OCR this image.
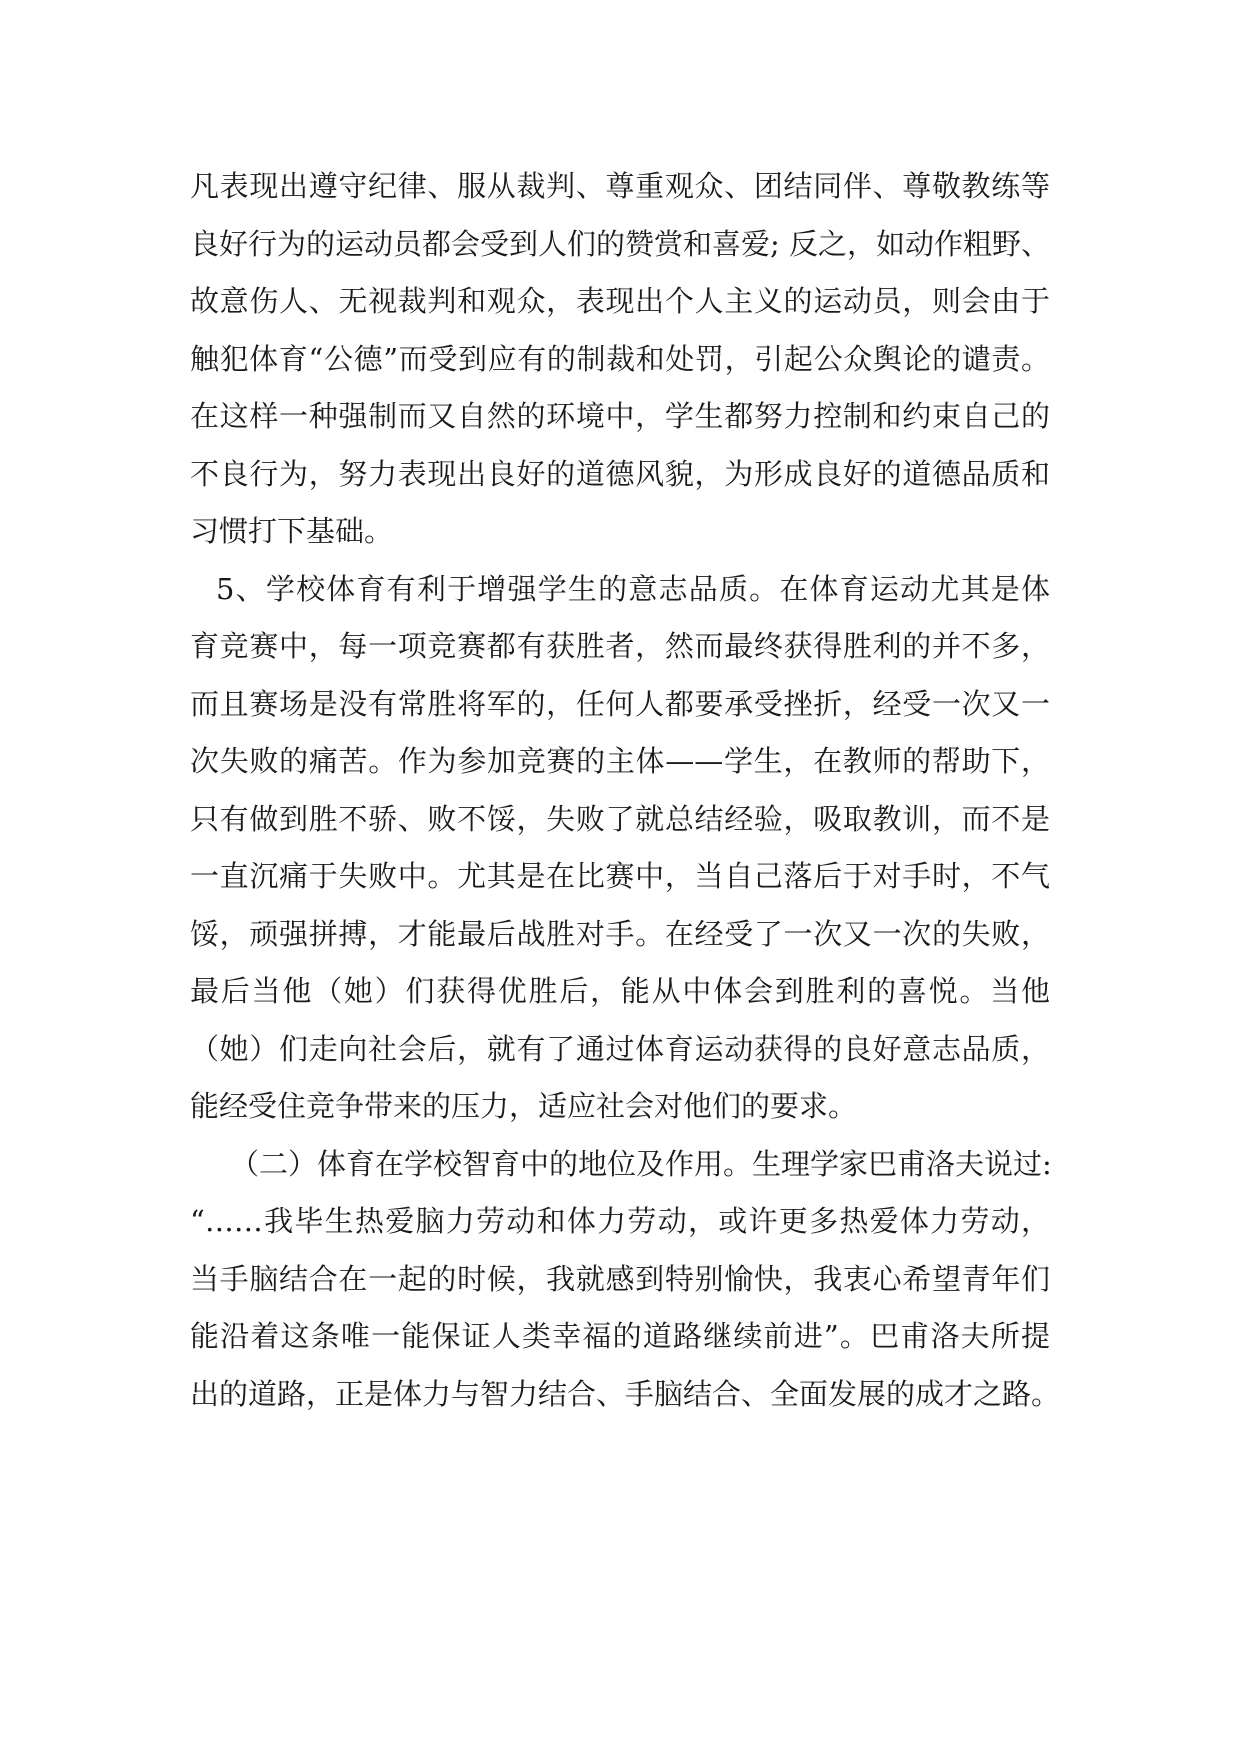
凡表现出遵守纪律、服从裁判、尊重观众、团结同伴、尊敬教练等
良好行为的运动员都会受到人们的赞赏和喜爱; 反之，如动作粗野、
故意伤人、无视裁判和观众，表现出个人主义的运动员，则会由于
触犯体育“公德”而受到应有的制裁和处罚，引起公众舆论的谴责。
在这样一种强制而又自然的环境中，学生都努力控制和约束自己的
不良行为，努力表现出良好的道德风貌，为形成良好的道德品质和
习惯打下基础。
5、学校体育有利于增强学生的意志品质。在体育运动尤其是体
育竞赛中，每一项竞赛都有获胜者，然而最终获得胜利的并不多，
而且赛场是没有常胜将军的，任何人都要承受挫折，经受一次又一
次失败的痛苦。作为参加竞赛的主体——学生，在教师的帮助下，
只有做到胜不骄、败不馁，失败了就总结经验，吸取教训，而不是
一直沉痛于失败中。尤其是在比赛中，当自己落后于对手时，不气
馁，顽强拼搏，才能最后战胜对手。在经受了一次又一次的失败，
最后当他（她）们获得优胜后，能从中体会到胜利的喜悦。当他
（她）们走向社会后，就有了通过体育运动获得的良好意志品质，
能经受住竞争带来的压力，适应社会对他们的要求。
（二）体育在学校智育中的地位及作用。生理学家巴甫洛夫说过:
“……我毕生热爱脑力劳动和体力劳动，或许更多热爱体力劳动，
当手脑结合在一起的时候，我就感到特别愉快，我衷心希望青年们
能沿着这条唯一能保证人类幸福的道路继续前进”。巴甫洛夫所提
出的道路，正是体力与智力结合、手脑结合、全面发展的成才之路。
